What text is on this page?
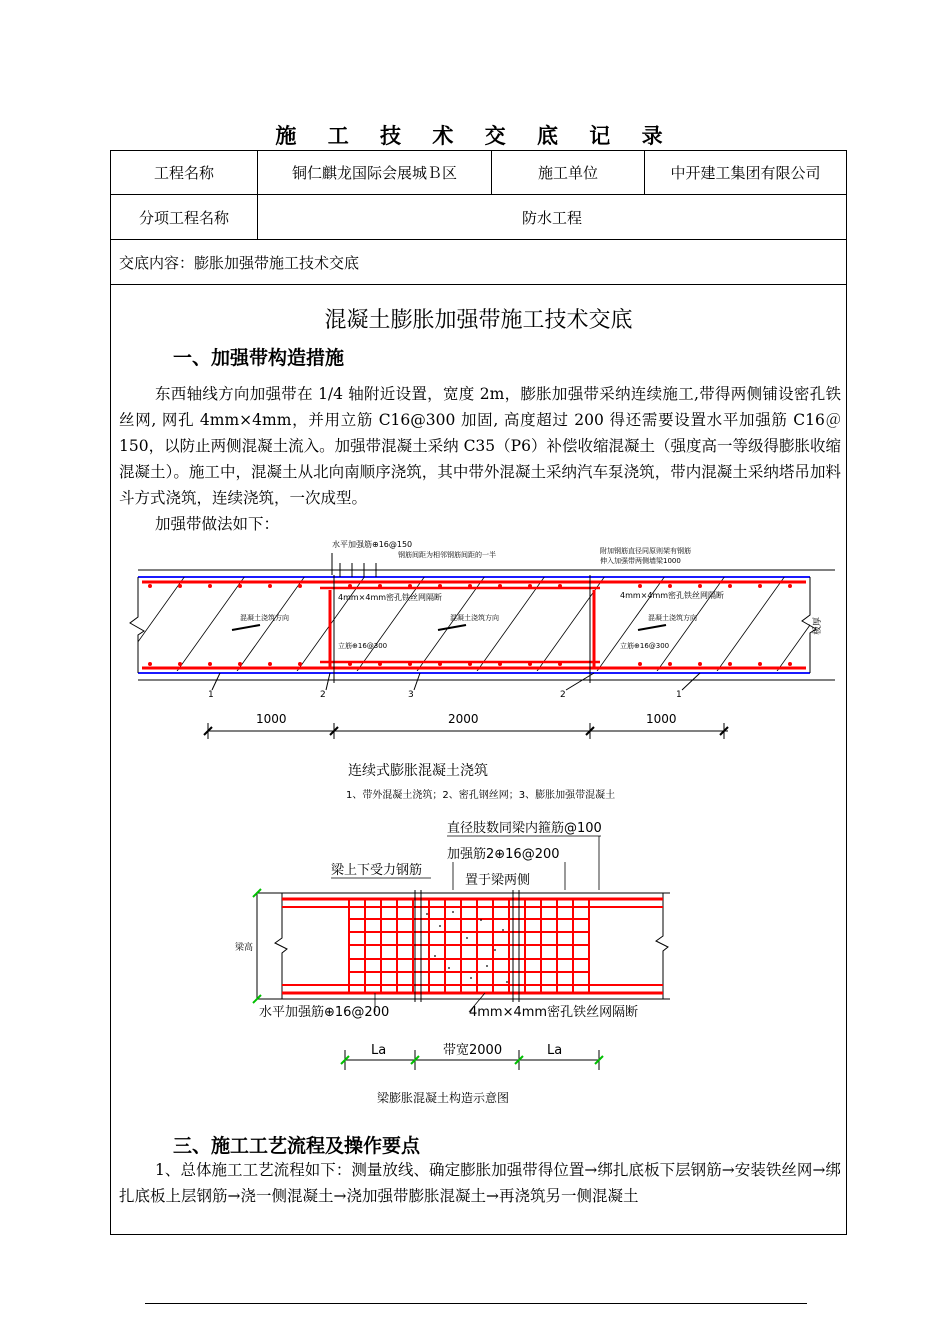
施 工 技 术 交 底 记 录
工程名称	铜仁麒龙国际会展城Ｂ区	施工单位	中开建工集团有限公司
分项工程名称	防水工程		
交底内容：膨胀加强带施工技术交底			
混凝土膨胀加强带施工技术交底
一、加强带构造措施
东西轴线方向加强带在 1/4 轴附近设置，宽度 2m，膨胀加强带采纳连续施工,带得两侧铺设密孔铁丝网, 网孔 4mm×4mm，并用立筋 C16@300 加固, 高度超过 200 得还需要设置水平加强筋 C16＠150，以防止两侧混凝土流入。加强带混凝土采纳 C35（P6）补偿收缩混凝土（强度高一等级得膨胀收缩混凝土）。施工中，混凝土从北向南顺序浇筑，其中带外混凝土采纳汽车泵浇筑，带内混凝土采纳塔吊加料斗方式浇筑，连续浇筑，一次成型。
加强带做法如下：
三、施工工艺流程及操作要点
1、总体施工工艺流程如下：测量放线、确定膨胀加强带得位置→绑扎底板下层钢筋→安装铁丝网→绑扎底板上层钢筋→浇一侧混凝土→浇加强带膨胀混凝土→再浇筑另一侧混凝土
水平加强筋⊕16@150
钢筋间距为相邻钢筋间距的一半	附加钢筋直径同原则架有钢筋
伸入加强带两侧墙梁1000
4mm×4mm密孔铁丝网隔断	4mm×4mm密孔铁丝网隔断
混凝土浇筑方向	混凝土浇筑方向	混凝土浇筑方向
立筋⊕16@300	立筋⊕16@300
板厚
1	2	3	2	1
1000	2000	1000
连续式膨胀混凝土浇筑
1、带外混凝土浇筑；2、密孔钢丝网；3、膨胀加强带混凝土
直径肢数同梁内箍筋@100
加强筋2⊕16@200
置于梁两侧
梁上下受力钢筋
梁高
水平加强筋⊕16@200	4mm×4mm密孔铁丝网隔断
La	带宽2000	La
梁膨胀混凝土构造示意图
